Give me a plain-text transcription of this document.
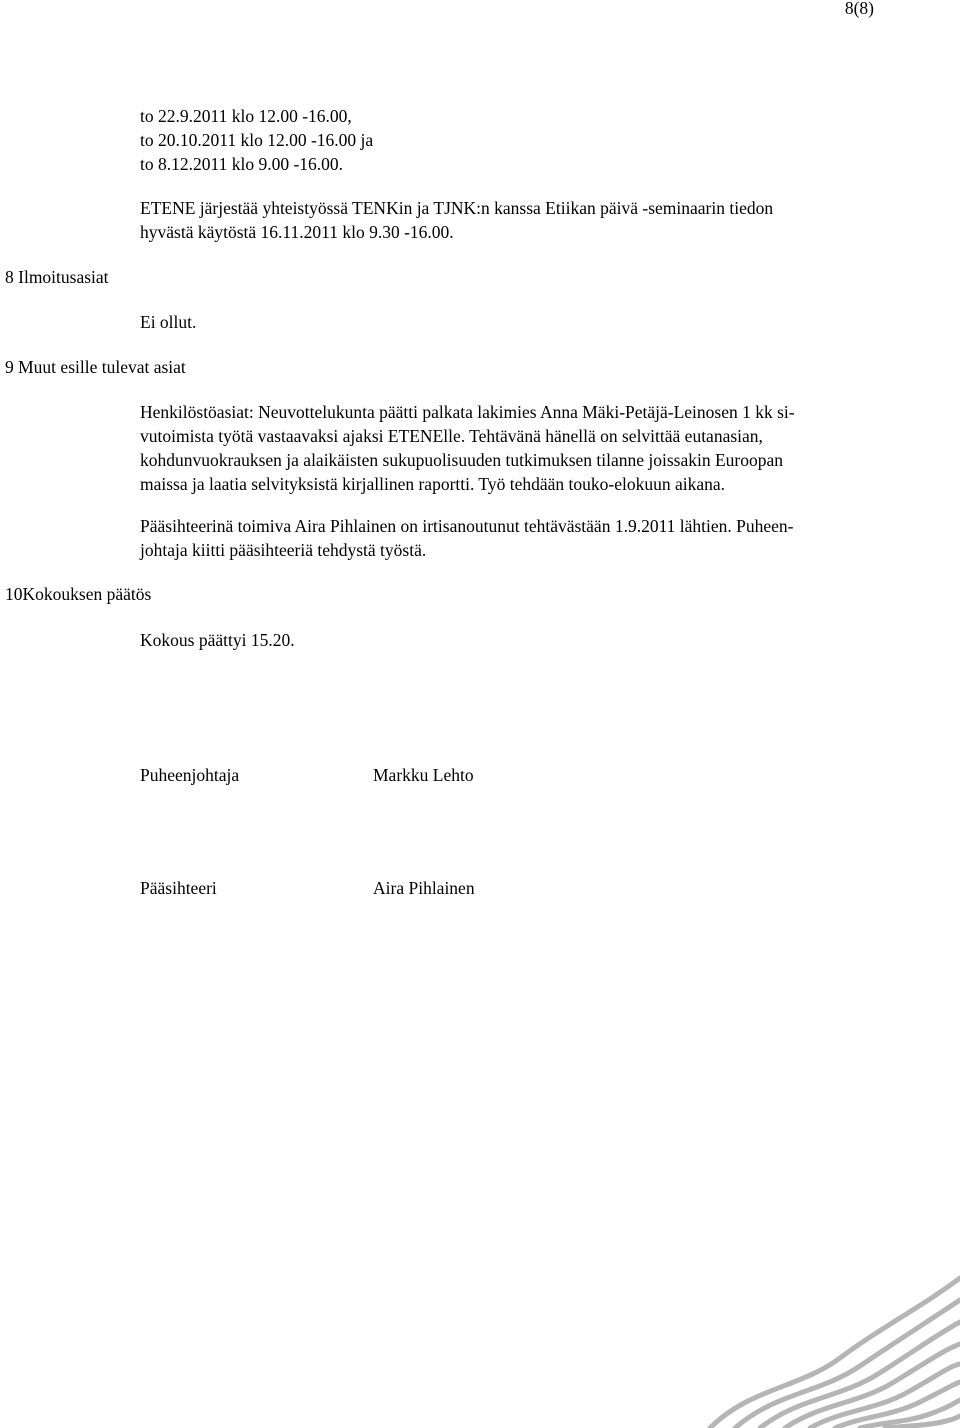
8(8)
to 22.9.2011 klo 12.00 -16.00,
to 20.10.2011 klo 12.00 -16.00 ja
to 8.12.2011 klo 9.00 -16.00.
ETENE järjestää yhteistyössä TENKin ja TJNK:n kanssa Etiikan päivä -seminaarin tiedon
hyvästä käytöstä 16.11.2011 klo 9.30 -16.00.
8 Ilmoitusasiat
Ei ollut.
9 Muut esille tulevat asiat
Henkilöstöasiat: Neuvottelukunta päätti palkata lakimies Anna Mäki-Petäjä-Leinosen 1 kk si-
vutoimista työtä vastaavaksi ajaksi ETENElle. Tehtävänä hänellä on selvittää eutanasian,
kohdunvuokrauksen ja alaikäisten sukupuolisuuden tutkimuksen tilanne joissakin Euroopan
maissa ja laatia selvityksistä kirjallinen raportti. Työ tehdään touko-elokuun aikana.
Pääsihteerinä toimiva Aira Pihlainen on irtisanoutunut tehtävästään 1.9.2011 lähtien. Puheen-
johtaja kiitti pääsihteeriä tehdystä työstä.
10Kokouksen päätös
Kokous päättyi 15.20.
Puheenjohtaja	Markku Lehto
Pääsihteeri	Aira Pihlainen
